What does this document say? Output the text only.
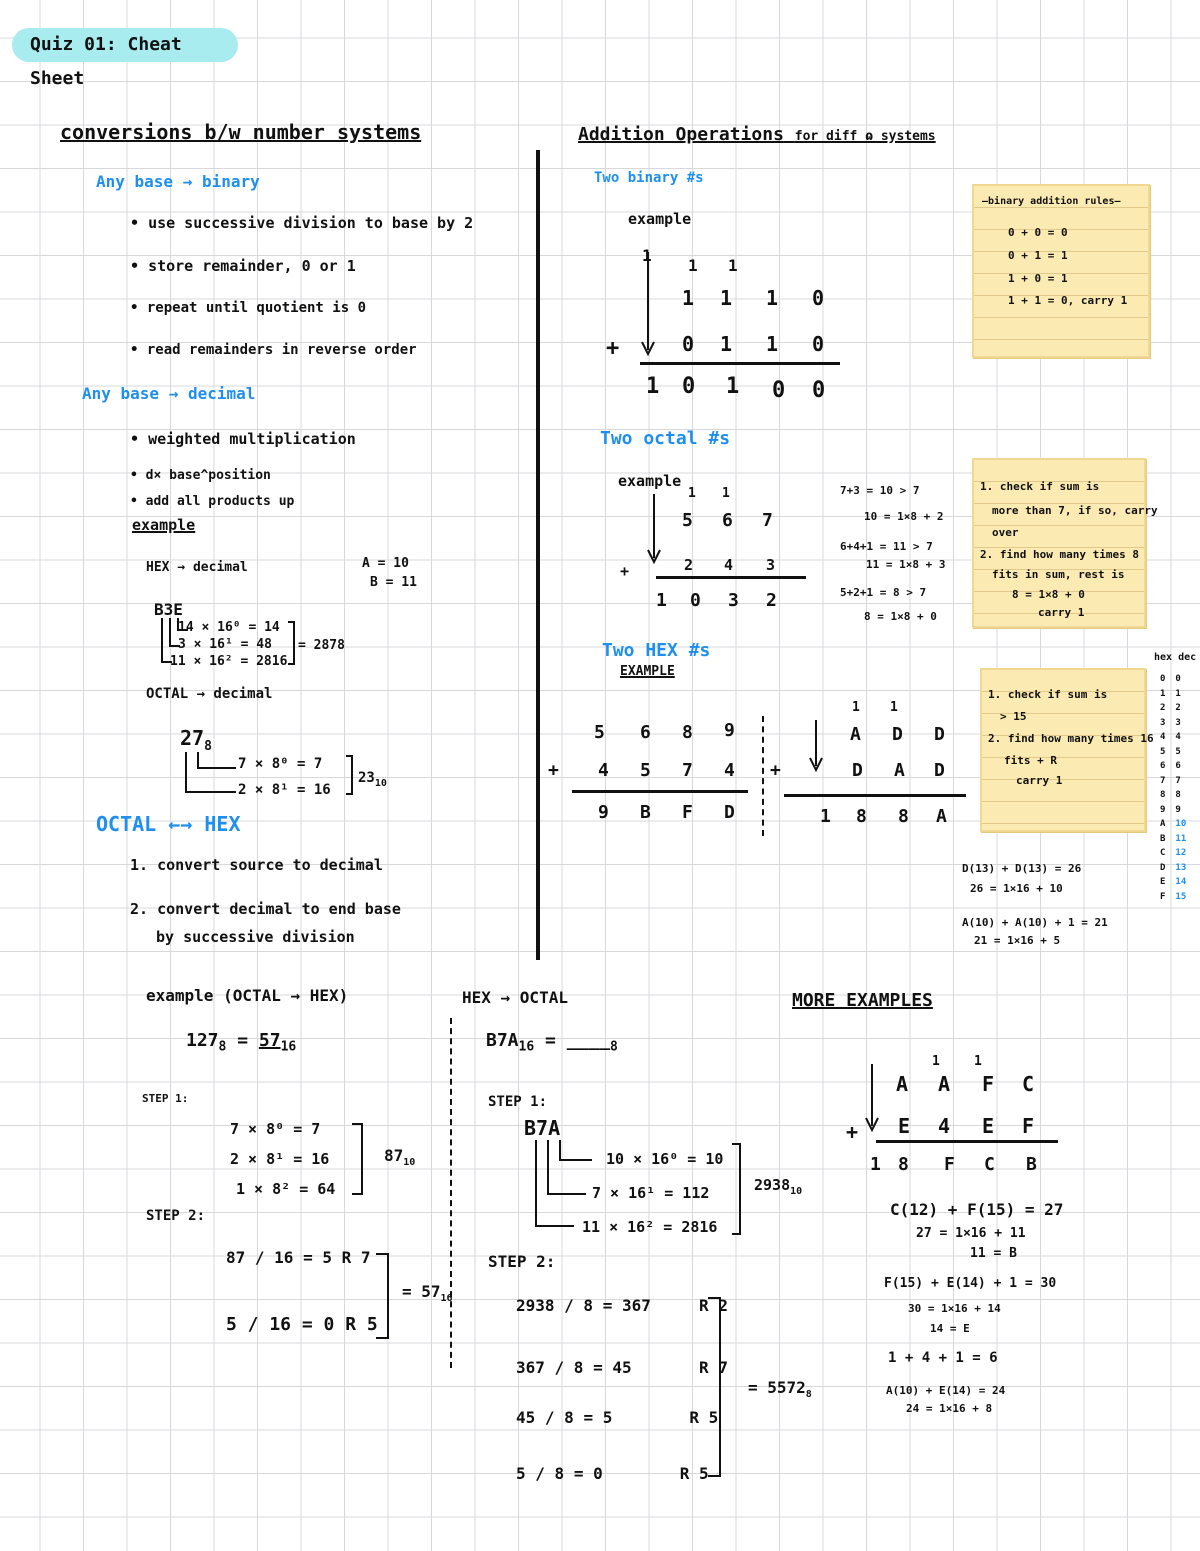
Quiz 01: Cheat Sheet
conversions b/w number systems
Any base → binary
• use successive division to base by 2
• store remainder, 0 or 1
• repeat until quotient is 0
• read remainders in reverse order
Any base → decimal
• weighted multiplication
• d× base^position
• add all products up
example
HEX → decimal	A = 10
B = 11
B3E
14 × 16⁰ = 14
3 × 16¹ = 48
11 × 16² = 2816
= 2878
OCTAL → decimal
$27_8$
7 × 8⁰ = 7
2 × 8¹ = 16
$23_{10}$
OCTAL ←→ HEX
1. convert source to decimal
2. convert decimal to end base
by successive division
Addition Operations for diff ɷ systems
Two binary #s
example
1
1 1
1 1 1 0
+	0 1 1 0
1 0 1 0 0
—binary addition rules—
0 + 0 = 0
0 + 1 = 1
1 + 0 = 1
1 + 1 = 0, carry 1
Two octal #s
example
1 1
5 6 7
+	2 4 3
1 0 3 2
7+3 = 10 > 7
10 = 1×8 + 2
6+4+1 = 11 > 7
11 = 1×8 + 3
5+2+1 = 8 > 7
8 = 1×8 + 0
1. check if sum is
more than 7, if so, carry
over
2. find how many times 8
fits in sum, rest is
8 = 1×8 + 0
carry 1
Two HEX #s
EXAMPLE
5 6 8 9
+ 4 5 7 4
9 B F D
1 1
A D D
+	D A D
1 8 8 A
D(13) + D(13) = 26
26 = 1×16 + 10
A(10) + A(10) + 1 = 21
21 = 1×16 + 5
1. check if sum is
> 15
2. find how many times 16
fits + R
carry 1
hex dec
0 0
1 1
2 2
3 3
4 4
5 5
6 6
7 7
8 8
9 9
A 10
B 11
C 12
D 13
E 14
F 15
example (OCTAL → HEX)
$127_8 = 57_{16}$
STEP 1:
7 × 8⁰ = 7
2 × 8¹ = 16
1 × 8² = 64
$87_{10}$
STEP 2:
87 / 16 = 5 R 7
5 / 16 = 0 R 5
= $57_{16}$
HEX → OCTAL
$B7A_{16}$ = $\_\_\_\__8$
STEP 1:
B7A
10 × 16⁰ = 10
7 × 16¹ = 112
11 × 16² = 2816
$2938_{10}$
STEP 2:
2938 / 8 = 367	R 2
367 / 8 = 45	R 7
45 / 8 = 5	R 5
5 / 8 = 0	R 5
= $5572_8$
MORE EXAMPLES
1	1
A A F C
+ E 4 E F
1 8 F C B
C(12) + F(15) = 27
27 = 1×16 + 11
11 = B
F(15) + E(14) + 1 = 30
30 = 1×16 + 14
14 = E
1 + 4 + 1 = 6
A(10) + E(14) = 24
24 = 1×16 + 8
